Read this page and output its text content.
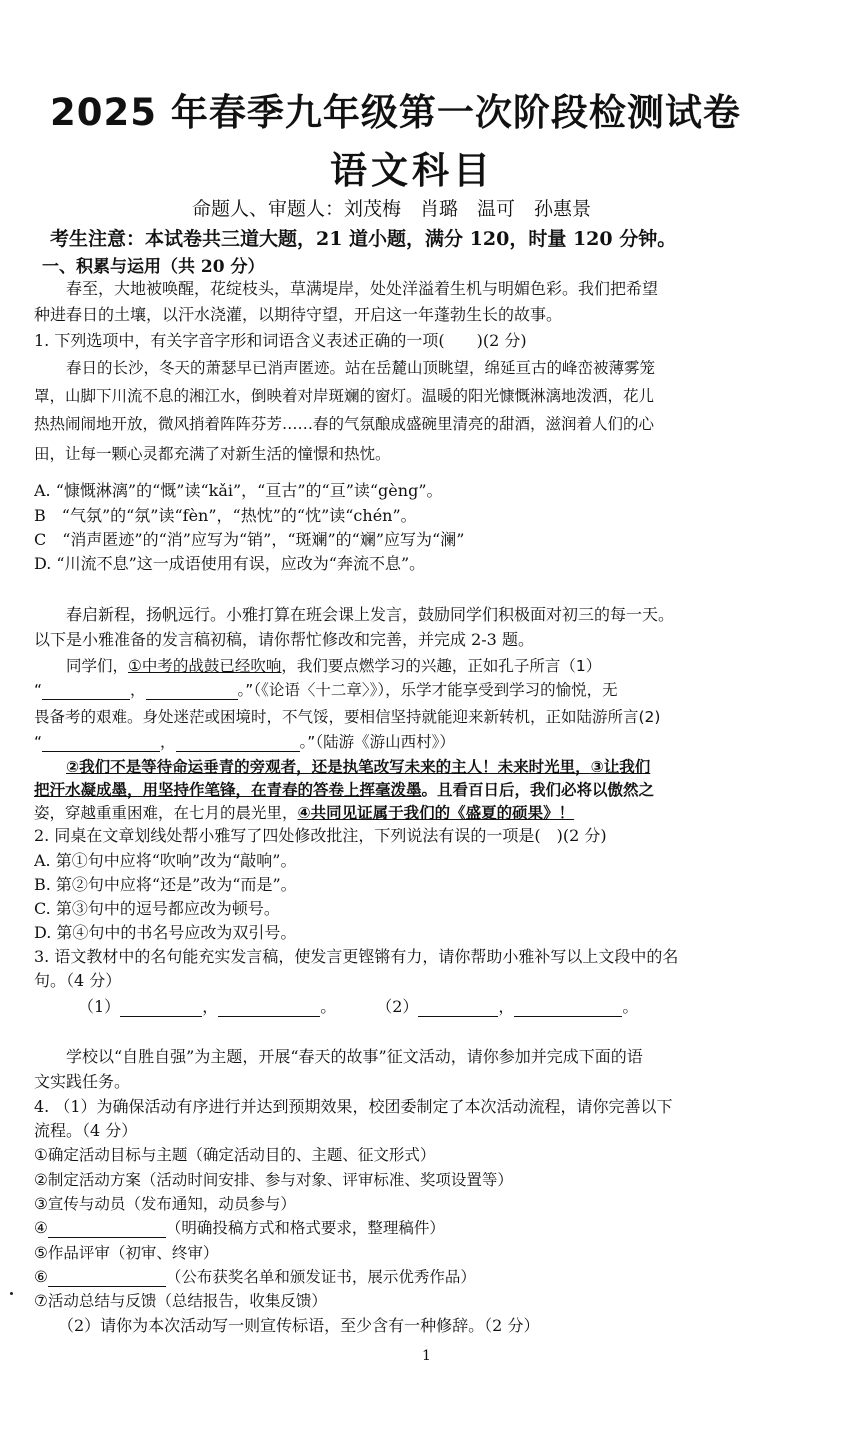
2025 年春季九年级第一次阶段检测试卷
语文科目
命题人、审题人：刘茂梅　肖璐　温可　孙惠景
考生注意：本试卷共三道大题，21 道小题，满分 120，时量 120 分钟。
一、积累与运用（共 20 分）
春至，大地被唤醒，花绽枝头，草满堤岸，处处洋溢着生机与明媚色彩。我们把希望
种进春日的土壤，以汗水浇灌，以期待守望，开启这一年蓬勃生长的故事。
1. 下列选项中，有关字音字形和词语含义表述正确的一项(　　)(2 分)
春日的长沙，冬天的萧瑟早已消声匿迹。站在岳麓山顶眺望，绵延亘古的峰峦被薄雾笼
罩，山脚下川流不息的湘江水，倒映着对岸斑斓的窗灯。温暖的阳光慷慨淋漓地泼洒，花儿
热热闹闹地开放，微风捎着阵阵芬芳……春的气氛酿成盛碗里清亮的甜酒，滋润着人们的心
田，让每一颗心灵都充满了对新生活的憧憬和热忱。
A. “慷慨淋漓”的“慨”读“kǎi”，“亘古”的“亘”读“gèng”。
B　“气氛”的“氛”读“fèn”，“热忱”的“忱”读“chén”。
C　“消声匿迹”的“消”应写为“销”，“斑斓”的“斓”应写为“澜”
D. “川流不息”这一成语使用有误，应改为“奔流不息”。
春启新程，扬帆远行。小雅打算在班会课上发言，鼓励同学们积极面对初三的每一天。
以下是小雅准备的发言稿初稿，请你帮忙修改和完善，并完成 2-3 题。
同学们，①中考的战鼓已经吹响，我们要点燃学习的兴趣，正如孔子所言（1）
“	，	。”（《论语〈十二章〉》），乐学才能享受到学习的愉悦，无
畏备考的艰难。身处迷茫或困境时，不气馁，要相信坚持就能迎来新转机，正如陆游所言(2)
“	，	。”（陆游《游山西村》）
②我们不是等待命运垂青的旁观者，还是执笔改写未来的主人！未来时光里，③让我们
把汗水凝成墨，用坚持作笔锋，在青春的答卷上挥毫泼墨。且看百日后，我们必将以傲然之
姿，穿越重重困难，在七月的晨光里，④共同见证属于我们的《盛夏的硕果》！
2. 同桌在文章划线处帮小雅写了四处修改批注，下列说法有误的一项是(　)(2 分)
A. 第①句中应将“吹响”改为“敲响”。
B. 第②句中应将“还是”改为“而是”。
C. 第③句中的逗号都应改为顿号。
D. 第④句中的书名号应改为双引号。
3. 语文教材中的名句能充实发言稿，使发言更铿锵有力，请你帮助小雅补写以上文段中的名
句。（4 分）
（1）	，	。	（2）	，	。
学校以“自胜自强”为主题，开展“春天的故事”征文活动，请你参加并完成下面的语
文实践任务。
4. （1）为确保活动有序进行并达到预期效果，校团委制定了本次活动流程，请你完善以下
流程。（4 分）
①确定活动目标与主题（确定活动目的、主题、征文形式）
②制定活动方案（活动时间安排、参与对象、评审标准、奖项设置等）
③宣传与动员（发布通知，动员参与）
④	（明确投稿方式和格式要求，整理稿件）
⑤作品评审（初审、终审）
⑥	（公布获奖名单和颁发证书，展示优秀作品）
⑦活动总结与反馈（总结报告，收集反馈）
（2）请你为本次活动写一则宣传标语，至少含有一种修辞。（2 分）
1
